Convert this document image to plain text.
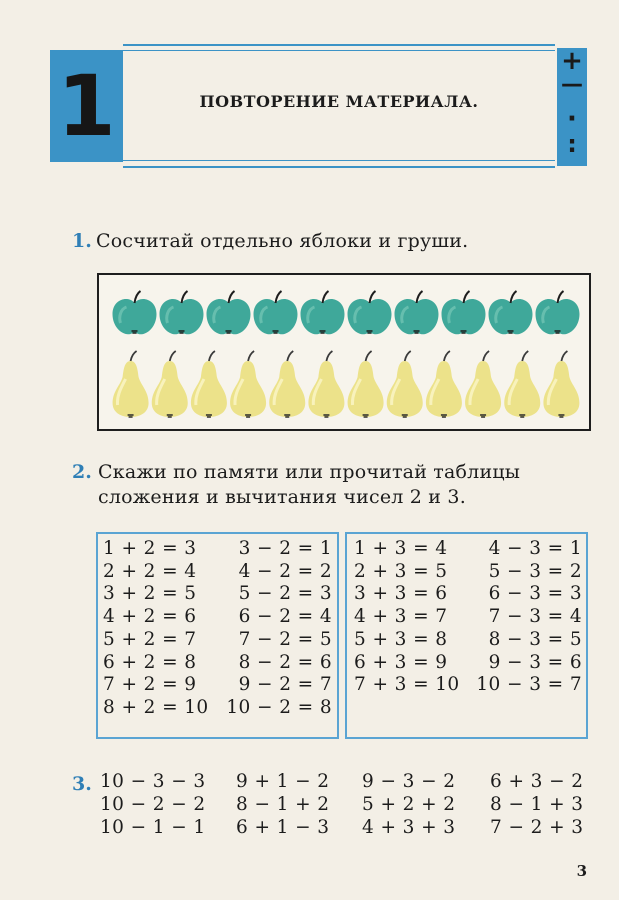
1	ПОВТОРЕНИЕ МАТЕРИАЛА.
+
—
·
:
1. Сосчитай отдельно яблоки и груши.
2. Скажи по памяти или прочитай таблицы
сложения и вычитания чисел 2 и 3.
1 + 2 = 3
2 + 2 = 4
3 + 2 = 5
4 + 2 = 6
5 + 2 = 7
6 + 2 = 8
7 + 2 = 9
8 + 2 = 10
3 − 2 = 1
4 − 2 = 2
5 − 2 = 3
6 − 2 = 4
7 − 2 = 5
8 − 2 = 6
9 − 2 = 7
10 − 2 = 8
1 + 3 = 4
2 + 3 = 5
3 + 3 = 6
4 + 3 = 7
5 + 3 = 8
6 + 3 = 9
7 + 3 = 10
4 − 3 = 1
5 − 3 = 2
6 − 3 = 3
7 − 3 = 4
8 − 3 = 5
9 − 3 = 6
10 − 3 = 7
3. 10 − 3 − 3
10 − 2 − 2
10 − 1 − 1
9 + 1 − 2
8 − 1 + 2
6 + 1 − 3
9 − 3 − 2
5 + 2 + 2
4 + 3 + 3
6 + 3 − 2
8 − 1 + 3
7 − 2 + 3
3
